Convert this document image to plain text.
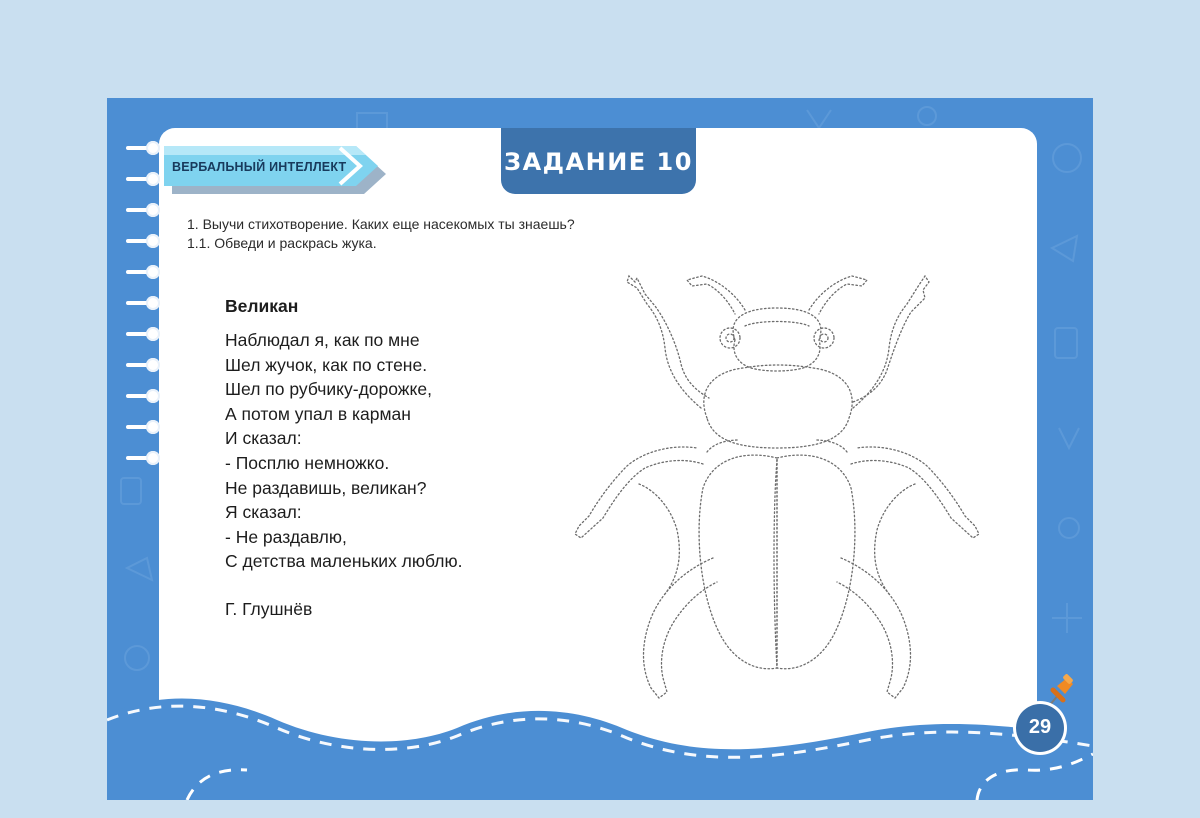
ВЕРБАЛЬНЫЙ ИНТЕЛЛЕКТ	ЗАДАНИЕ 10
1. Выучи стихотворение. Каких еще насекомых ты знаешь?
1.1. Обведи и раскрась жука.
Великан
Наблюдал я, как по мне
Шел жучок, как по стене.
Шел по рубчику-дорожке,
А потом упал в карман
И сказал:
- Посплю немножко.
Не раздавишь, великан?
Я сказал:
- Не раздавлю,
С детства маленьких люблю.
Г. Глушнёв
29
